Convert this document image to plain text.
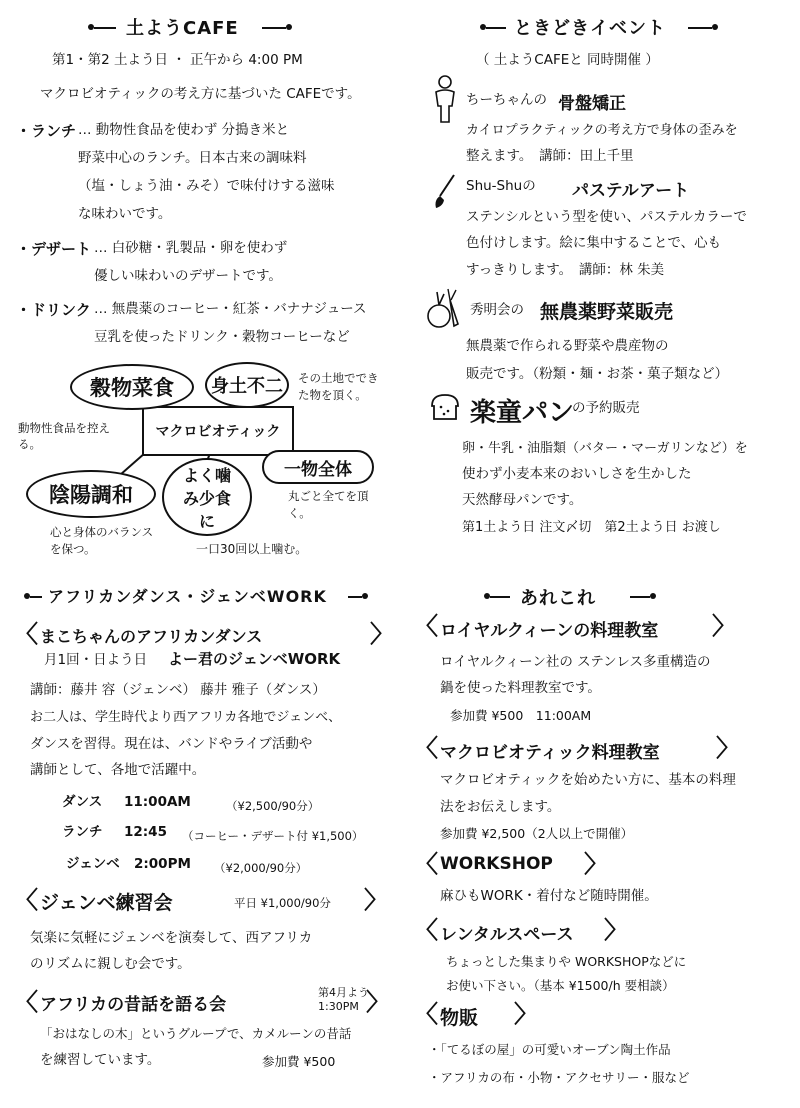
土ようCAFE
第1・第2 土よう日 ・ 正午から 4:00 PM
マクロビオティックの考え方に基づいた CAFEです。
・ランチ … 動物性食品を使わず 分搗き米と
野菜中心のランチ。日本古来の調味料
（塩・しょう油・みそ）で味付けする滋味
な味わいです。
・デザート … 白砂糖・乳製品・卵を使わず
優しい味わいのデザートです。
・ドリンク … 無農薬のコーヒー・紅茶・バナナジュース
豆乳を使ったドリンク・穀物コーヒーなど
マクロビオティック
穀物菜食	身土不二
陰陽調和
よく噛み少食に
一物全体
動物性食品を控える。
その土地でできた物を頂く。
心と身体のバランスを保つ。	一口30回以上噛む。
丸ごと全てを頂く。
ときどきイベント
（ 土ようCAFEと 同時開催 ）
ちーちゃんの 骨盤矯正
カイロプラクティックの考え方で身体の歪みを
整えます。　講師：田上千里
Shu-Shuの パステルアート
ステンシルという型を使い、パステルカラーで
色付けします。絵に集中することで、心も
すっきりします。　講師：林 朱美
秀明会の 無農薬野菜販売
無農薬で作られる野菜や農産物の
販売です。（粉類・麺・お茶・菓子類など）
楽童パン
の予約販売
卵・牛乳・油脂類（バター・マーガリンなど）を
使わず小麦本来のおいしさを生かした
天然酵母パンです。
第1土よう日 注文〆切　第2土よう日 お渡し
アフリカンダンス・ジェンベWORK
〈 まこちゃんのアフリカンダンス	〉
月1回・日よう日 よー君のジェンベWORK
講師：藤井 容（ジェンベ） 藤井 雅子（ダンス）
お二人は、学生時代より西アフリカ各地でジェンベ、
ダンスを習得。現在は、バンドやライブ活動や
講師として、各地で活躍中。
ダンス 11:00AM	（¥2,500/90分）
ランチ 12:45 （コーヒー・デザート付 ¥1,500）
ジェンベ 2:00PM （¥2,000/90分）
〈 ジェンベ練習会	平日 ¥1,000/90分 〉
気楽に気軽にジェンベを演奏して、西アフリカ
のリズムに親しむ会です。
〈 アフリカの昔話を語る会
第4月よう
1:30PM 〉
「おはなしの木」というグループで、カメルーンの昔話
を練習しています。	参加費 ¥500
あれこれ
〈 ロイヤルクィーンの料理教室 〉
ロイヤルクィーン社の ステンレス多重構造の
鍋を使った料理教室です。
参加費 ¥500　11:00AM
〈 マクロビオティック料理教室 〉
マクロビオティックを始めたい方に、基本の料理
法をお伝えします。
参加費 ¥2,500（2人以上で開催）
〈 WORKSHOP 〉
麻ひもWORK・着付など随時開催。
〈 レンタルスペース 〉
ちょっとした集まりや WORKSHOPなどに
お使い下さい。（基本 ¥1500/h 要相談）
〈 物販 〉
・「てるぼの屋」の可愛いオーブン陶土作品
・アフリカの布・小物・アクセサリー・服など
